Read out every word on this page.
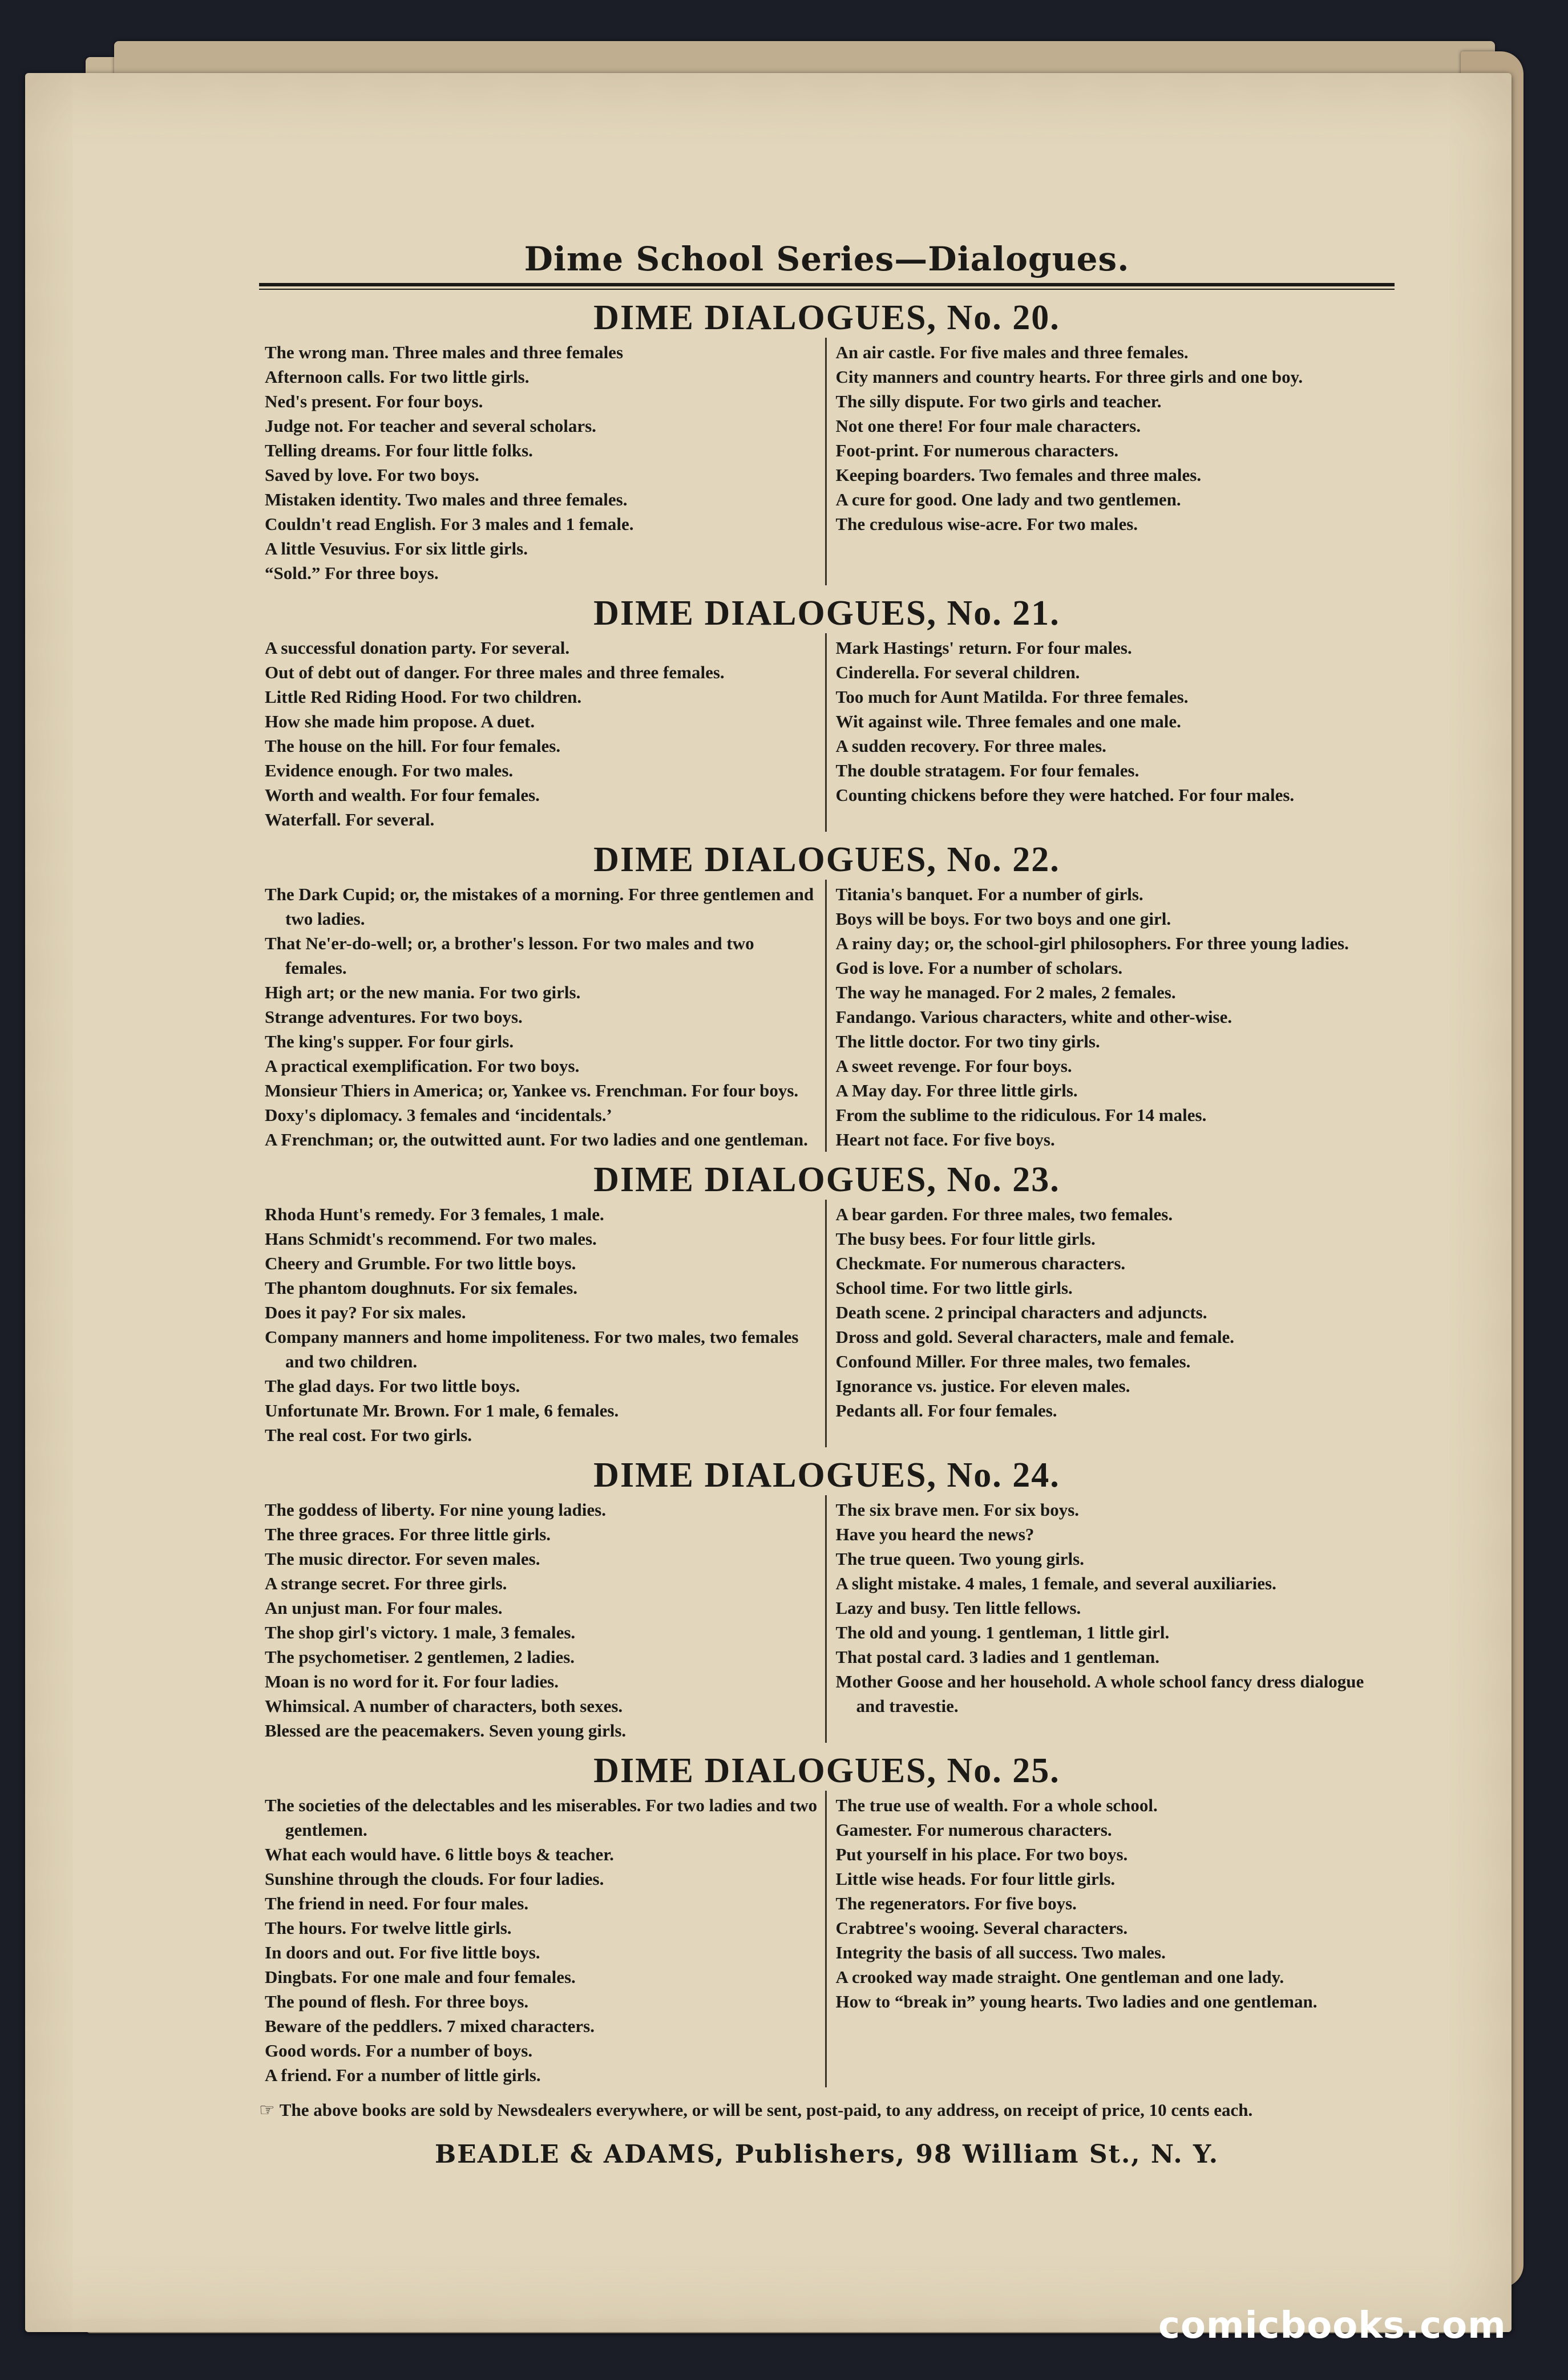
Dime School Series—Dialogues.
DIME DIALOGUES, No. 20.
The wrong man. Three males and three females
Afternoon calls. For two little girls.
Ned's present. For four boys.
Judge not. For teacher and several scholars.
Telling dreams. For four little folks.
Saved by love. For two boys.
Mistaken identity. Two males and three females.
Couldn't read English. For 3 males and 1 female.
A little Vesuvius. For six little girls.
“Sold.” For three boys.
An air castle. For five males and three females.
City manners and country hearts. For three girls and one boy.
The silly dispute. For two girls and teacher.
Not one there! For four male characters.
Foot-print. For numerous characters.
Keeping boarders. Two females and three males.
A cure for good. One lady and two gentlemen.
The credulous wise-acre. For two males.
DIME DIALOGUES, No. 21.
A successful donation party. For several.
Out of debt out of danger. For three males and three females.
Little Red Riding Hood. For two children.
How she made him propose. A duet.
The house on the hill. For four females.
Evidence enough. For two males.
Worth and wealth. For four females.
Waterfall. For several.
Mark Hastings' return. For four males.
Cinderella. For several children.
Too much for Aunt Matilda. For three females.
Wit against wile. Three females and one male.
A sudden recovery. For three males.
The double stratagem. For four females.
Counting chickens before they were hatched. For four males.
DIME DIALOGUES, No. 22.
The Dark Cupid; or, the mistakes of a morning. For three gentlemen and two ladies.
That Ne'er-do-well; or, a brother's lesson. For two males and two females.
High art; or the new mania. For two girls.
Strange adventures. For two boys.
The king's supper. For four girls.
A practical exemplification. For two boys.
Monsieur Thiers in America; or, Yankee vs. Frenchman. For four boys.
Doxy's diplomacy. 3 females and ‘incidentals.’
A Frenchman; or, the outwitted aunt. For two ladies and one gentleman.
Titania's banquet. For a number of girls.
Boys will be boys. For two boys and one girl.
A rainy day; or, the school-girl philosophers. For three young ladies.
God is love. For a number of scholars.
The way he managed. For 2 males, 2 females.
Fandango. Various characters, white and other-wise.
The little doctor. For two tiny girls.
A sweet revenge. For four boys.
A May day. For three little girls.
From the sublime to the ridiculous. For 14 males.
Heart not face. For five boys.
DIME DIALOGUES, No. 23.
Rhoda Hunt's remedy. For 3 females, 1 male.
Hans Schmidt's recommend. For two males.
Cheery and Grumble. For two little boys.
The phantom doughnuts. For six females.
Does it pay? For six males.
Company manners and home impoliteness. For two males, two females and two children.
The glad days. For two little boys.
Unfortunate Mr. Brown. For 1 male, 6 females.
The real cost. For two girls.
A bear garden. For three males, two females.
The busy bees. For four little girls.
Checkmate. For numerous characters.
School time. For two little girls.
Death scene. 2 principal characters and adjuncts.
Dross and gold. Several characters, male and female.
Confound Miller. For three males, two females.
Ignorance vs. justice. For eleven males.
Pedants all. For four females.
DIME DIALOGUES, No. 24.
The goddess of liberty. For nine young ladies.
The three graces. For three little girls.
The music director. For seven males.
A strange secret. For three girls.
An unjust man. For four males.
The shop girl's victory. 1 male, 3 females.
The psychometiser. 2 gentlemen, 2 ladies.
Moan is no word for it. For four ladies.
Whimsical. A number of characters, both sexes.
Blessed are the peacemakers. Seven young girls.
The six brave men. For six boys.
Have you heard the news?
The true queen. Two young girls.
A slight mistake. 4 males, 1 female, and several auxiliaries.
Lazy and busy. Ten little fellows.
The old and young. 1 gentleman, 1 little girl.
That postal card. 3 ladies and 1 gentleman.
Mother Goose and her household. A whole school fancy dress dialogue and travestie.
DIME DIALOGUES, No. 25.
The societies of the delectables and les miserables. For two ladies and two gentlemen.
What each would have. 6 little boys & teacher.
Sunshine through the clouds. For four ladies.
The friend in need. For four males.
The hours. For twelve little girls.
In doors and out. For five little boys.
Dingbats. For one male and four females.
The pound of flesh. For three boys.
Beware of the peddlers. 7 mixed characters.
Good words. For a number of boys.
A friend. For a number of little girls.
The true use of wealth. For a whole school.
Gamester. For numerous characters.
Put yourself in his place. For two boys.
Little wise heads. For four little girls.
The regenerators. For five boys.
Crabtree's wooing. Several characters.
Integrity the basis of all success. Two males.
A crooked way made straight. One gentleman and one lady.
How to “break in” young hearts. Two ladies and one gentleman.
☞ The above books are sold by Newsdealers everywhere, or will be sent, post-paid, to any address, on receipt of price, 10 cents each.
BEADLE & ADAMS, Publishers, 98 William St., N. Y.
comicbooks.com
